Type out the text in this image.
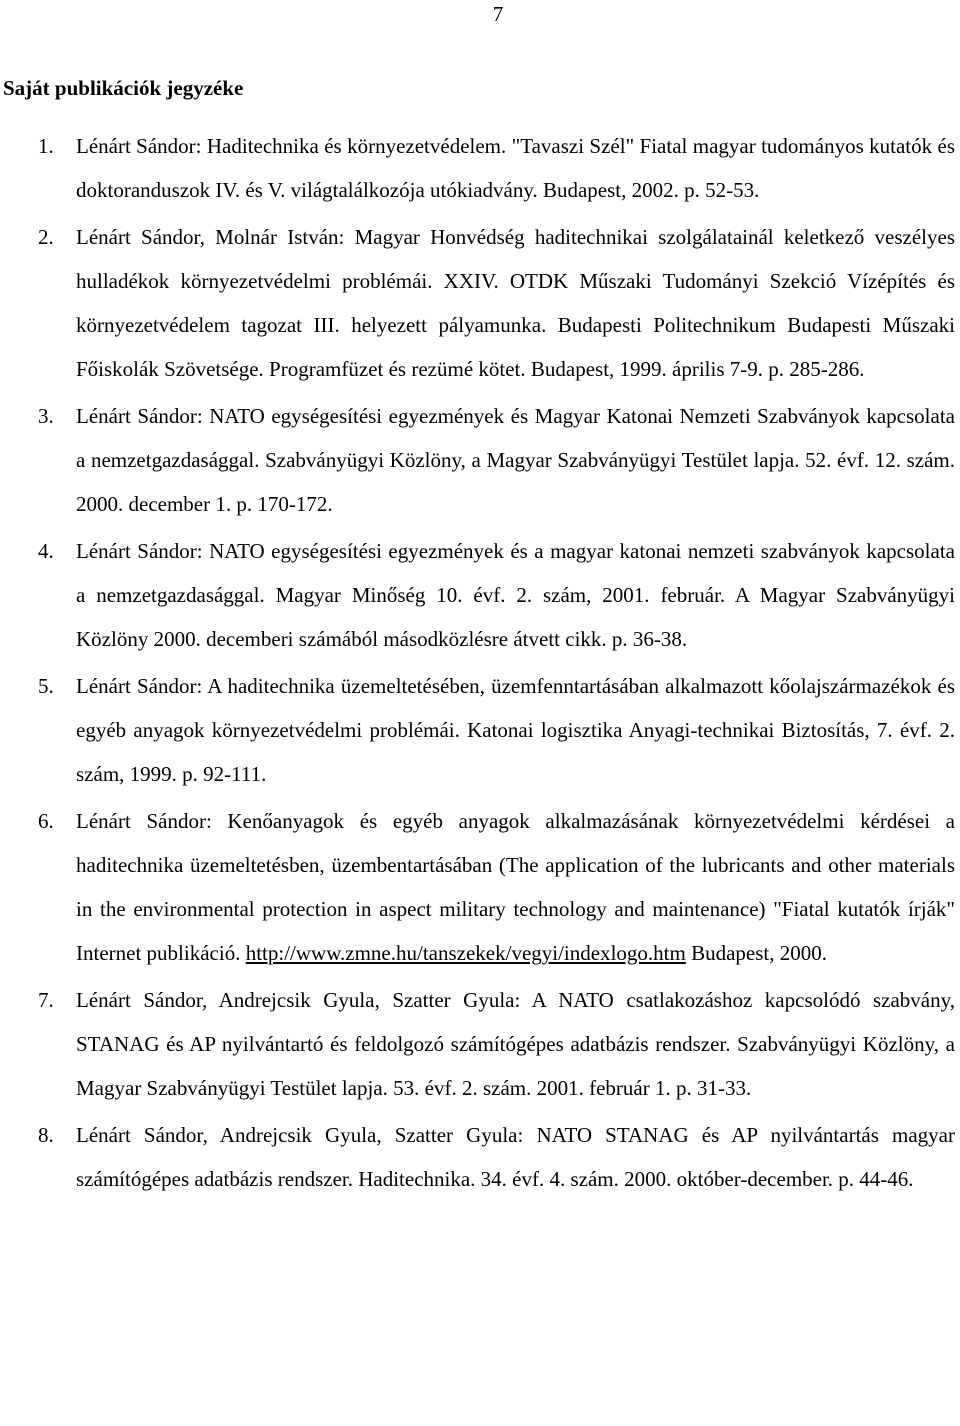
7
Saját publikációk jegyzéke
1. Lénárt Sándor: Haditechnika és környezetvédelem. "Tavaszi Szél" Fiatal magyar tudományos kutatók és doktoranduszok IV. és V. világtalálkozója utókiadvány. Budapest, 2002. p. 52-53.
2. Lénárt Sándor, Molnár István: Magyar Honvédség haditechnikai szolgálatainál keletkező veszélyes hulladékok környezetvédelmi problémái. XXIV. OTDK Műszaki Tudományi Szekció Vízépítés és környezetvédelem tagozat III. helyezett pályamunka. Budapesti Politechnikum Budapesti Műszaki Főiskolák Szövetsége. Programfüzet és rezümé kötet. Budapest, 1999. április 7-9. p. 285-286.
3. Lénárt Sándor: NATO egységesítési egyezmények és Magyar Katonai Nemzeti Szabványok kapcsolata a nemzetgazdasággal. Szabványügyi Közlöny, a Magyar Szabványügyi Testület lapja. 52. évf. 12. szám. 2000. december 1. p. 170-172.
4. Lénárt Sándor: NATO egységesítési egyezmények és a magyar katonai nemzeti szabványok kapcsolata a nemzetgazdasággal. Magyar Minőség 10. évf. 2. szám, 2001. február. A Magyar Szabványügyi Közlöny 2000. decemberi számából másodközlésre átvett cikk. p. 36-38.
5. Lénárt Sándor: A haditechnika üzemeltetésében, üzemfenntartásában alkalmazott kőolajszármazékok és egyéb anyagok környezetvédelmi problémái. Katonai logisztika Anyagi-technikai Biztosítás, 7. évf. 2. szám, 1999. p. 92-111.
6. Lénárt Sándor: Kenőanyagok és egyéb anyagok alkalmazásának környezetvédelmi kérdései a haditechnika üzemeltetésben, üzembentartásában (The application of the lubricants and other materials in the environmental protection in aspect military technology and maintenance) "Fiatal kutatók írják" Internet publikáció. http://www.zmne.hu/tanszekek/vegyi/indexlogo.htm Budapest, 2000.
7. Lénárt Sándor, Andrejcsik Gyula, Szatter Gyula: A NATO csatlakozáshoz kapcsolódó szabvány, STANAG és AP nyilvántartó és feldolgozó számítógépes adatbázis rendszer. Szabványügyi Közlöny, a Magyar Szabványügyi Testület lapja. 53. évf. 2. szám. 2001. február 1. p. 31-33.
8. Lénárt Sándor, Andrejcsik Gyula, Szatter Gyula: NATO STANAG és AP nyilvántartás magyar számítógépes adatbázis rendszer. Haditechnika. 34. évf. 4. szám. 2000. október-december. p. 44-46.
